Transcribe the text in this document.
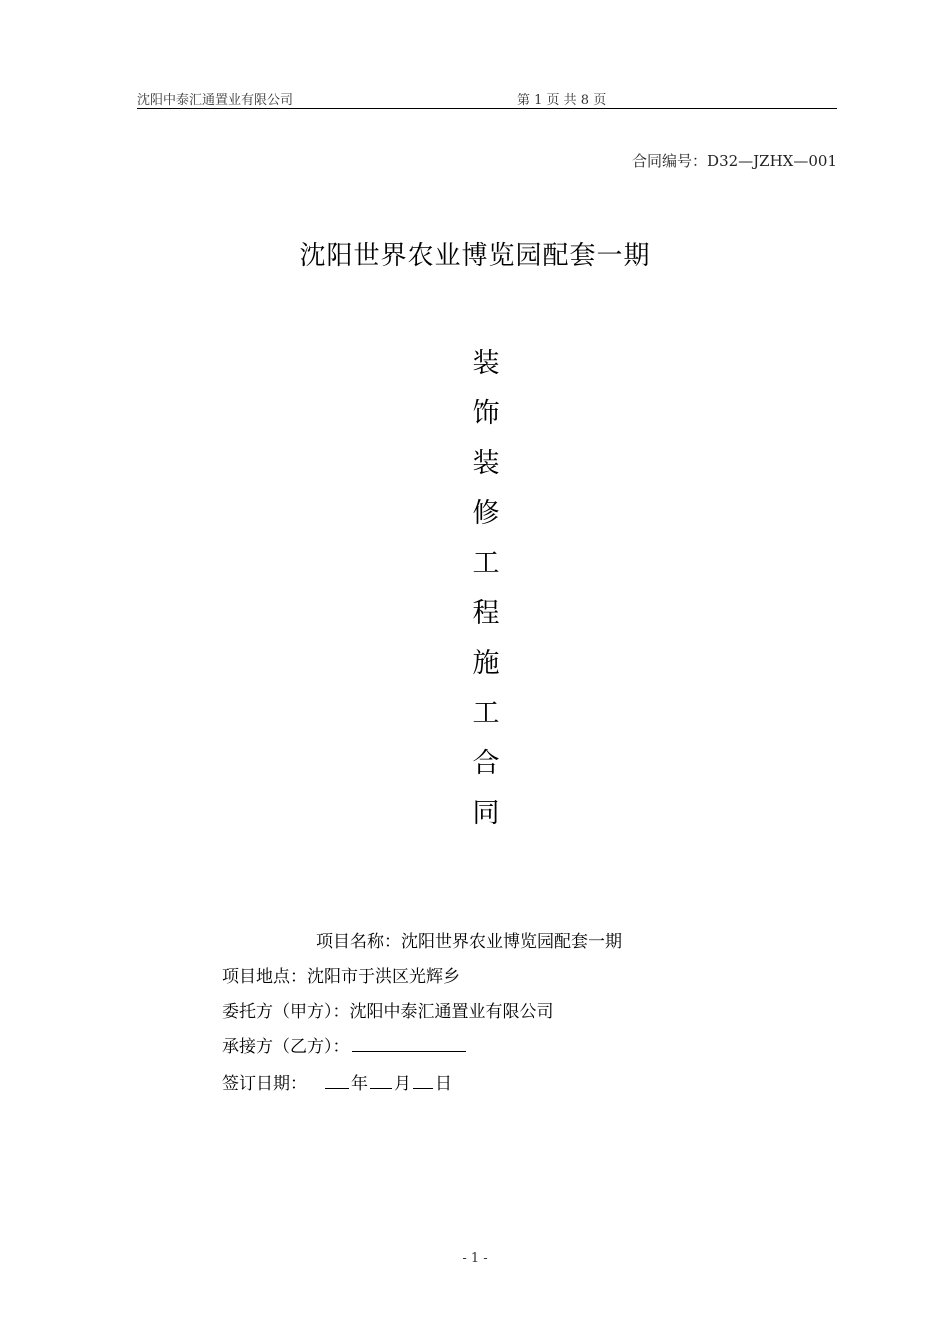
沈阳中泰汇通置业有限公司	第 1 页 共 8 页
合同编号：D32—JZHX—001
沈阳世界农业博览园配套一期
装
饰
装
修
工
程
施
工
合
同
项目名称：沈阳世界农业博览园配套一期
项目地点：沈阳市于洪区光辉乡
委托方（甲方）：沈阳中泰汇通置业有限公司
承接方（乙方）：
签订日期：	年 月 日
- 1 -
